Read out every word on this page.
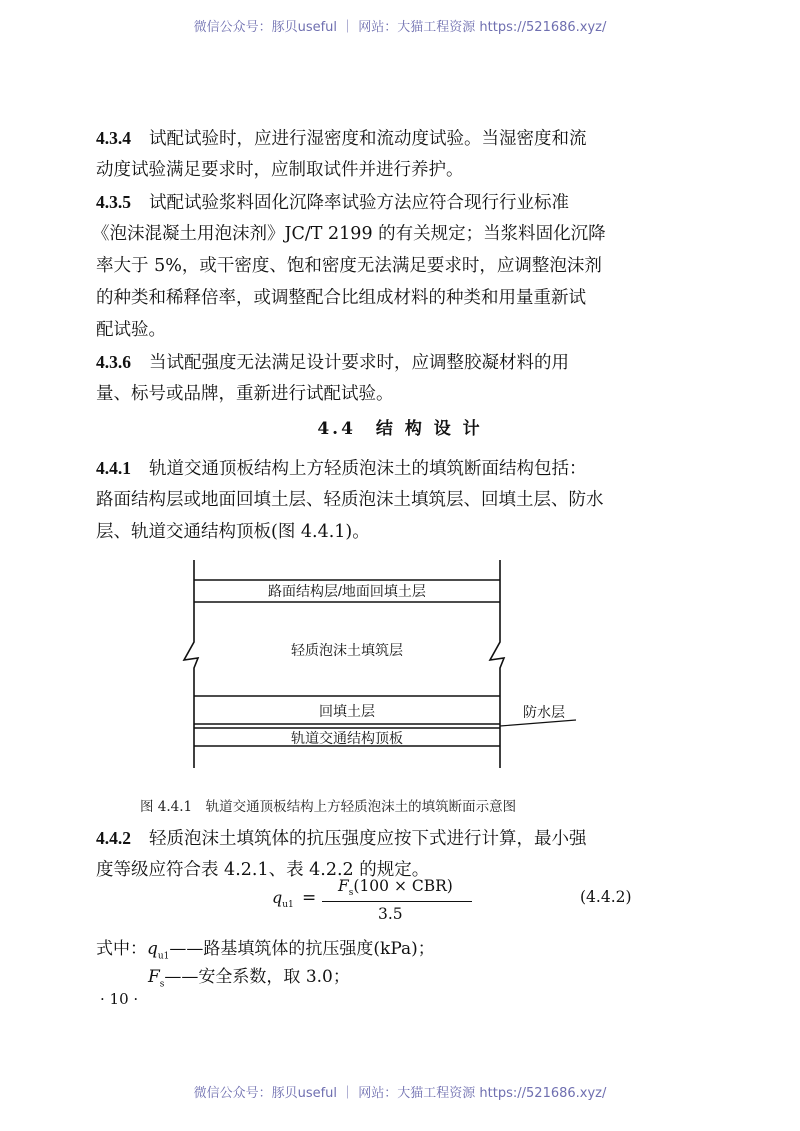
微信公众号：豚贝useful ｜ 网站：大猫工程资源 https://521686.xyz/
4.3.4 试配试验时，应进行湿密度和流动度试验。当湿密度和流
动度试验满足要求时，应制取试件并进行养护。
4.3.5 试配试验浆料固化沉降率试验方法应符合现行行业标准
《泡沫混凝土用泡沫剂》JC/T 2199 的有关规定；当浆料固化沉降
率大于 5%，或干密度、饱和密度无法满足要求时，应调整泡沫剂
的种类和稀释倍率，或调整配合比组成材料的种类和用量重新试
配试验。
4.3.6 当试配强度无法满足设计要求时，应调整胶凝材料的用
量、标号或品牌，重新进行试配试验。
4.4　结 构 设 计
4.4.1 轨道交通顶板结构上方轻质泡沫土的填筑断面结构包括：
路面结构层或地面回填土层、轻质泡沫土填筑层、回填土层、防水
层、轨道交通结构顶板(图 4.4.1)。
路面结构层/地面回填土层
轻质泡沫土填筑层
回填土层
轨道交通结构顶板
防水层
图 4.4.1　轨道交通顶板结构上方轻质泡沫土的填筑断面示意图
4.4.2 轻质泡沫土填筑体的抗压强度应按下式进行计算，最小强
度等级应符合表 4.2.1、表 4.2.2 的规定。
$q_{u1}$ =
$F_s(100 \times CBR)$
3.5
(4.4.2)
式中：$q_{u1}——$路基填筑体的抗压强度(kPa)；
$F_s——$安全系数，取 3.0；
· 10 ·
微信公众号：豚贝useful ｜ 网站：大猫工程资源 https://521686.xyz/
